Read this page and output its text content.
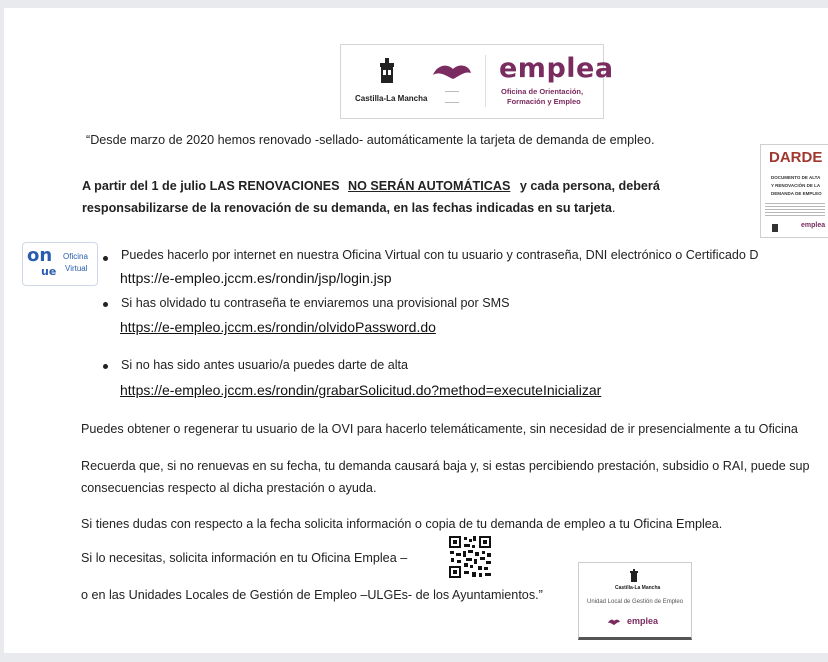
Castilla-La Mancha
emplea
Oficina de Orientación,
Formación y Empleo
“Desde marzo de 2020 hemos renovado -sellado- automáticamente la tarjeta de demanda de empleo.
A partir del 1 de julio LAS RENOVACIONES NO SERÁN AUTOMÁTICAS y cada persona, deberá
responsabilizarse de la renovación de su demanda, en las fechas indicadas en su tarjeta.
DARDE
DOCUMENTO DE ALTA
Y RENOVACIÓN DE LA
DEMANDA DE EMPLEO
emplea
on
ue
Oficina
Virtual
Puedes hacerlo por internet en nuestra Oficina Virtual con tu usuario y contraseña, DNI electrónico o Certificado D
https://e-empleo.jccm.es/rondin/jsp/login.jsp
Si has olvidado tu contraseña te enviaremos una provisional por SMS
https://e-empleo.jccm.es/rondin/olvidoPassword.do
Si no has sido antes usuario/a puedes darte de alta
https://e-empleo.jccm.es/rondin/grabarSolicitud.do?method=executeInicializar
Puedes obtener o regenerar tu usuario de la OVI para hacerlo telemáticamente, sin necesidad de ir presencialmente a tu Oficina
Recuerda que, si no renuevas en su fecha, tu demanda causará baja y, si estas percibiendo prestación, subsidio o RAI, puede sup
consecuencias respecto al dicha prestación o ayuda.
Si tienes dudas con respecto a la fecha solicita información o copia de tu demanda de empleo a tu Oficina Emplea.
Si lo necesitas, solicita información en tu Oficina Emplea –
o en las Unidades Locales de Gestión de Empleo –ULGEs- de los Ayuntamientos.”	Castilla-La Mancha
Unidad Local de Gestión de Empleo
emplea
